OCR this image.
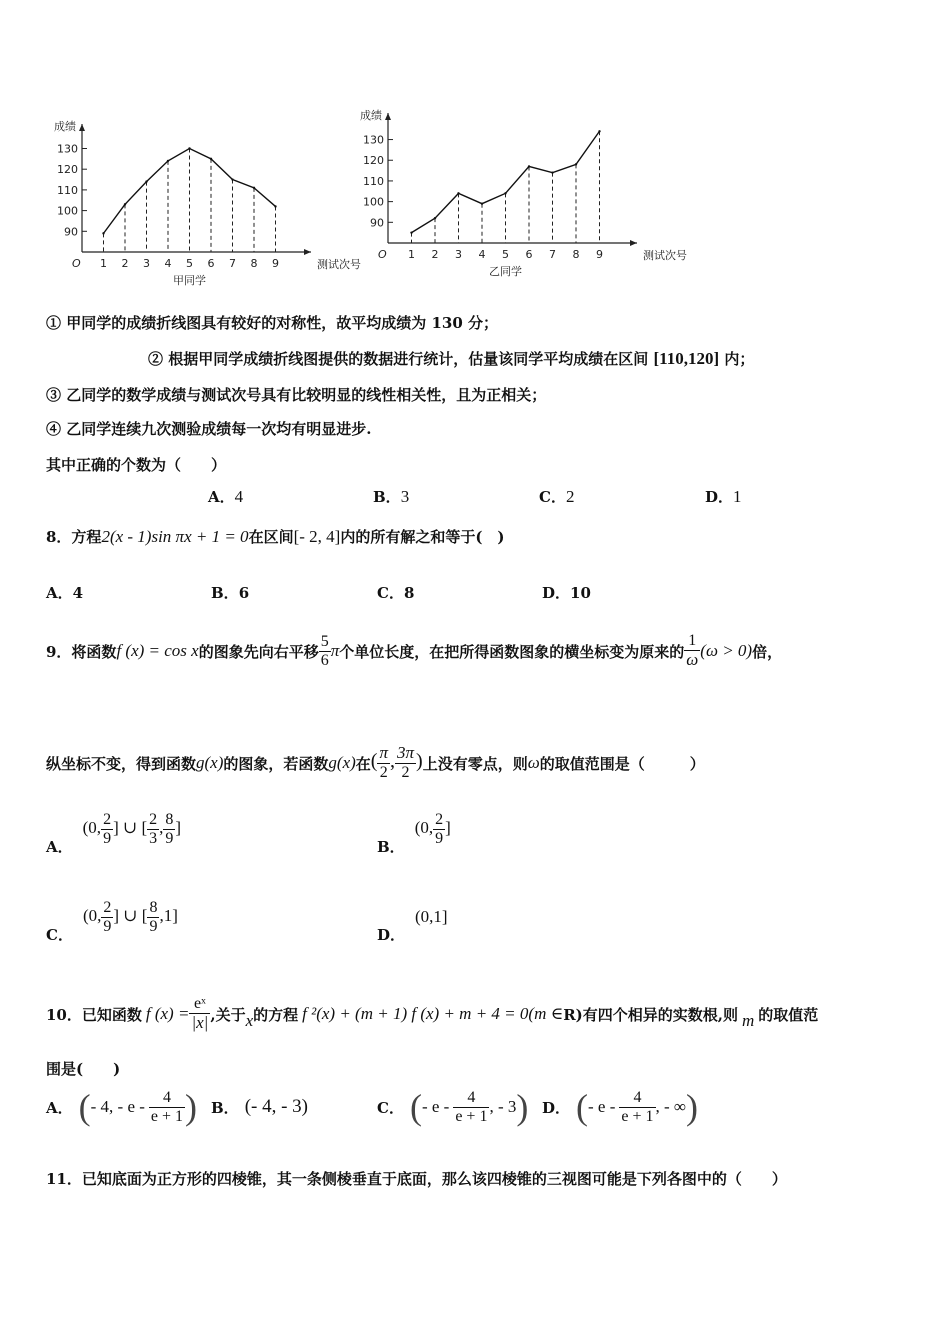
90
100
110
120
130
1 2 3 4 5 6 7 8 9
O
成绩
测试次号
甲同学
90
100
110
120
130
1 2 3 4 5 6 7 8 9
O
成绩
测试次号
乙同学
① 甲同学的成绩折线图具有较好的对称性，故平均成绩为 130 分；
② 根据甲同学成绩折线图提供的数据进行统计，估量该同学平均成绩在区间 [110,120] 内；
③ 乙同学的数学成绩与测试次号具有比较明显的线性相关性，且为正相关；
④ 乙同学连续九次测验成绩每一次均有明显进步.
其中正确的个数为（　　）
A．4	B．3	C．2	D．1
8．方程2(x - 1)sin πx + 1 = 0在区间[- 2, 4]内的所有解之和等于(　)
A．4	B．6	C．8	D．10
9．将函数 f (x) = cos x 的图象先向右平移 $\frac{5}{6}$ π 个单位长度，在把所得函数图象的横坐标变为原来的 $\frac{1}{\omega} (\omega > 0)$ 倍，
纵坐标不变，得到函数 g(x) 的图象，若函数 g(x) 在 ( $\frac{\pi}{2}$ , $\frac{3\pi}{2}$ ) 上没有零点，则 ω 的取值范围是（　　　）
A．
(0, $\frac{2}{9}$ ] ∪ [ $\frac{2}{3}$ , $\frac{8}{9}$ ]
B．
(0, $\frac{2}{9}$ ]
C．
(0, $\frac{2}{9}$ ] ∪ [ $\frac{8}{9} ,1$]
D．
(0,1]
10．已知函数 f $(x) = \frac{\text{eˣ}}{|x|}$ ,关于 x 的方程 f ²(x) + (m + 1) f (x) + m + 4 = 0(m ∈ R)有四个相异的实数根,则 m 的取值范
围是(　　)
A． ( - 4, - e - $\frac{4}{e + 1}$ ) B． (- 4, - 3)	C． ( - e - $\frac{4}{e + 1}$ , - 3 ) D． ( - e - $\frac{4}{e + 1}$ , - ∞ )
11．已知底面为正方形的四棱锥，其一条侧棱垂直于底面，那么该四棱锥的三视图可能是下列各图中的（　　）
